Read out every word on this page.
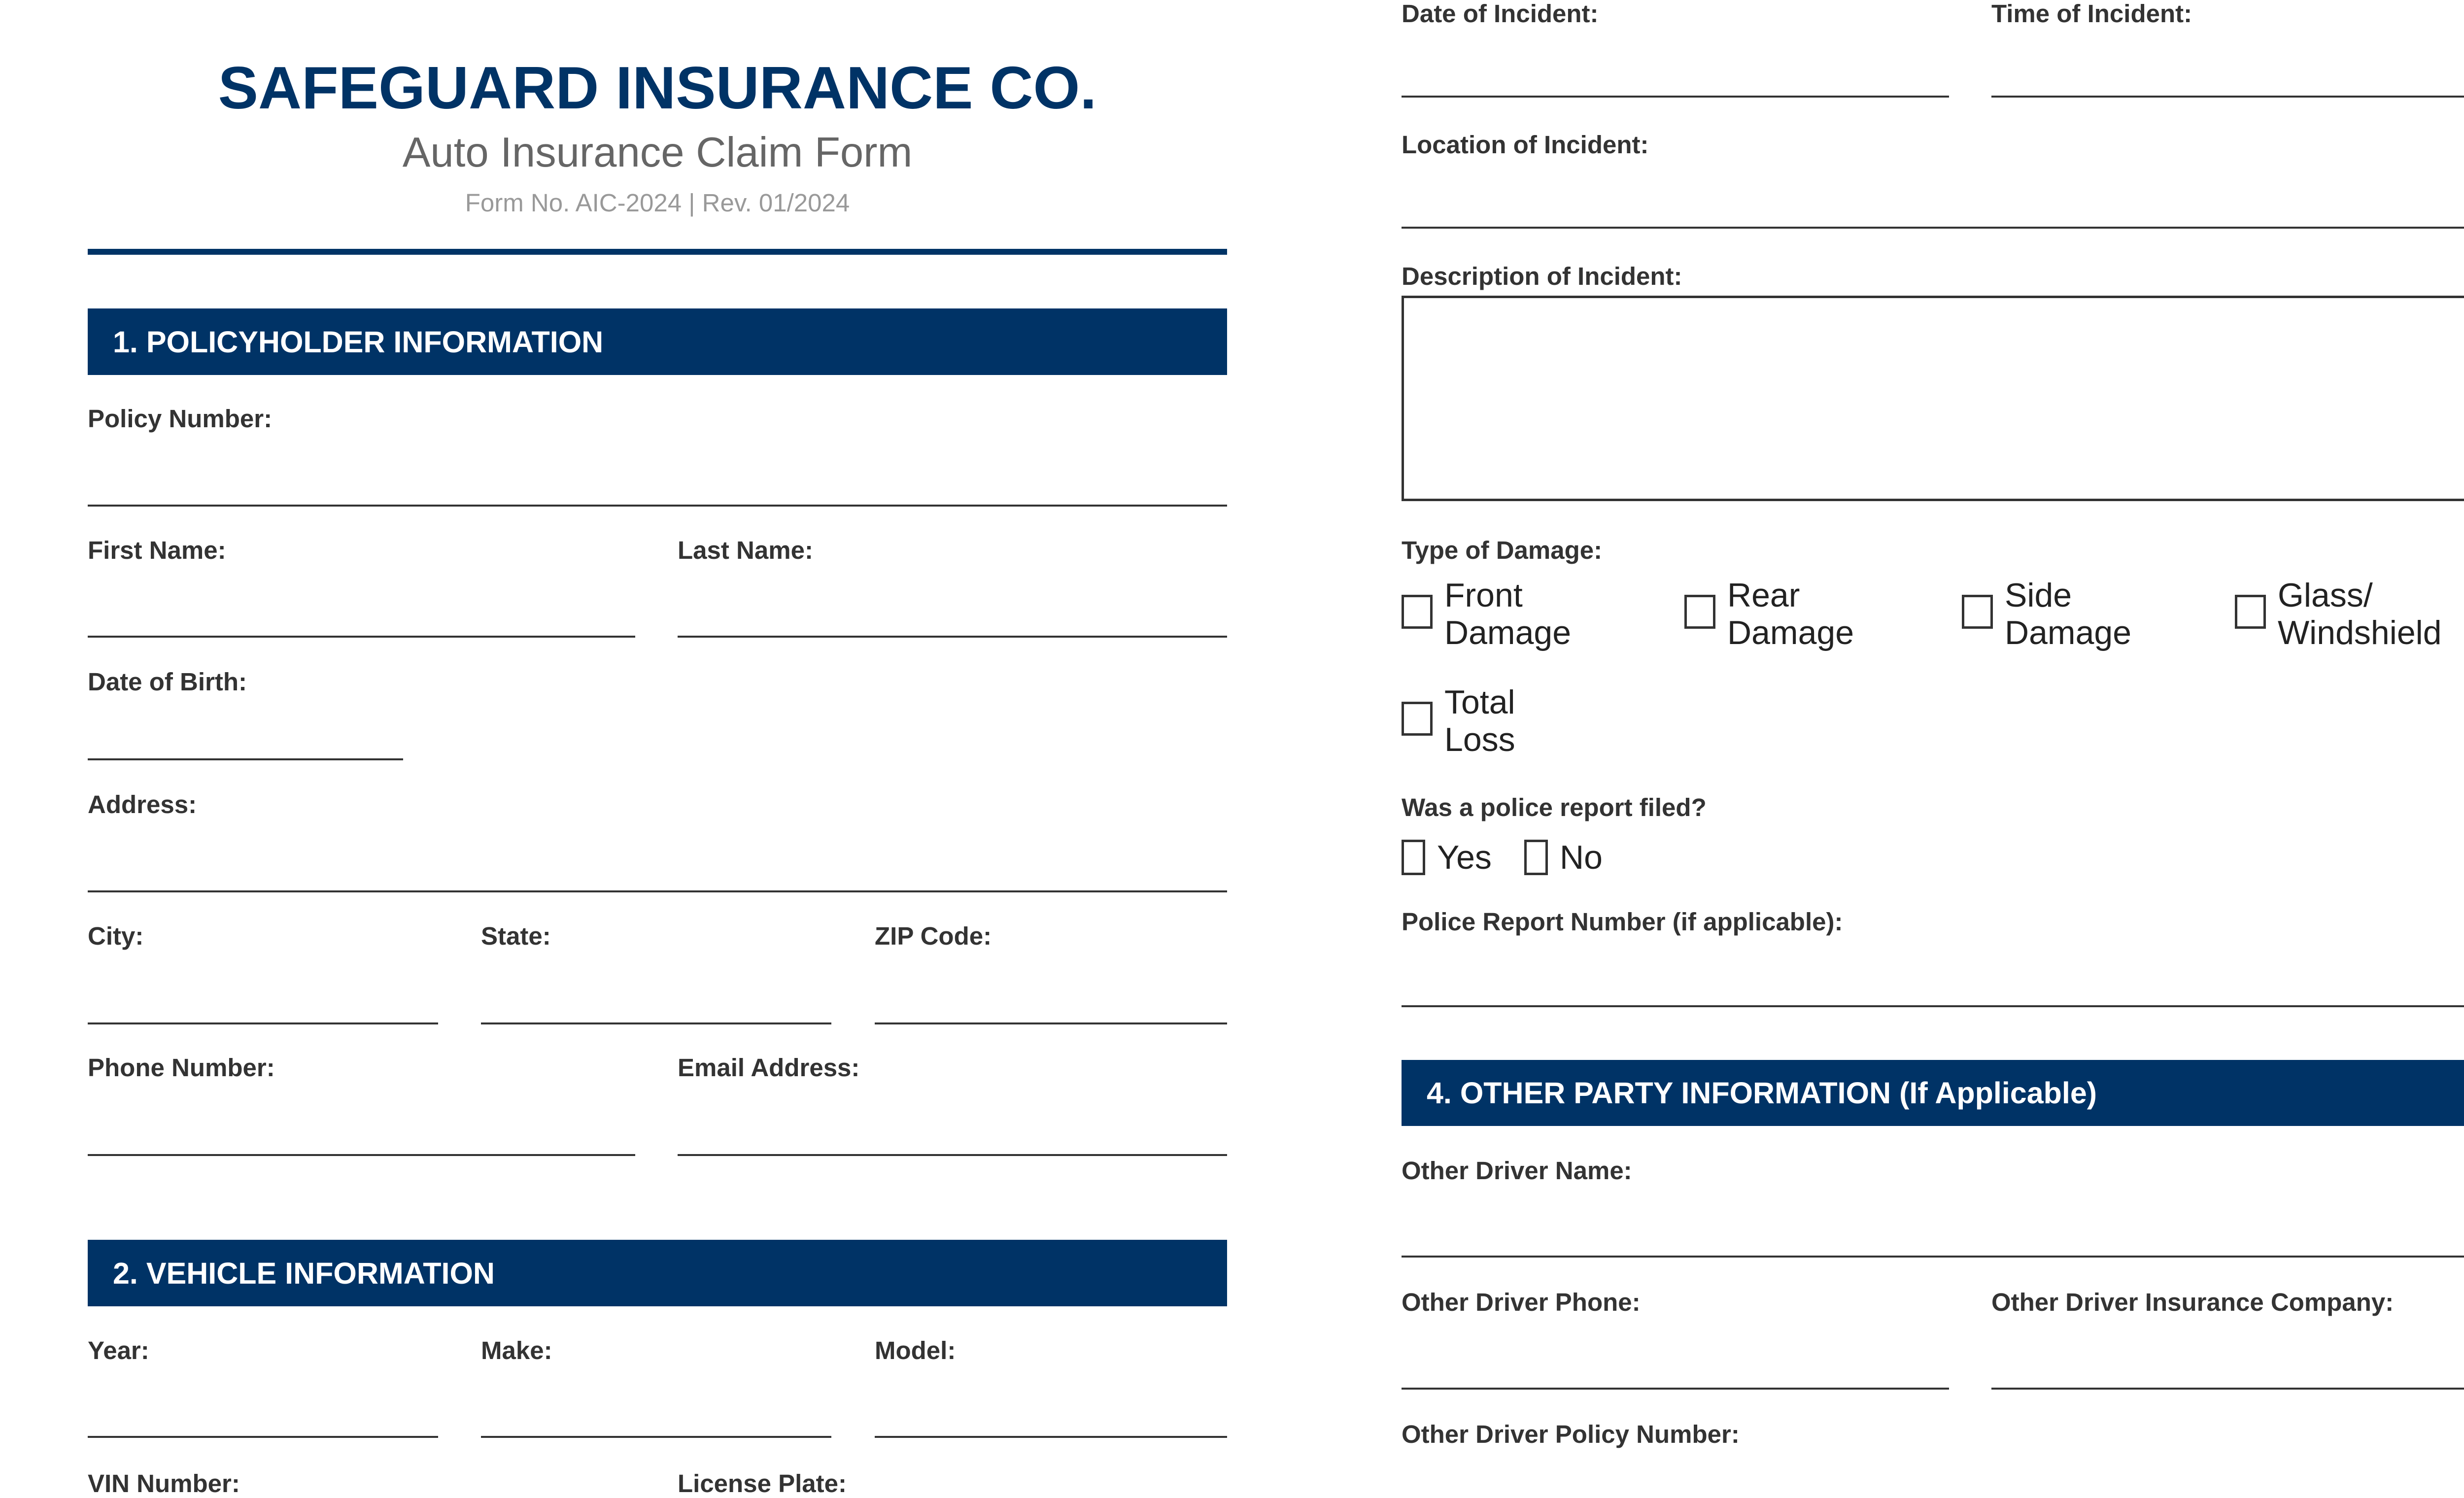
SAFEGUARD INSURANCE CO.
Auto Insurance Claim Form
Form No. AIC-2024 | Rev. 01/2024
1. POLICYHOLDER INFORMATION
Policy Number:
First Name:	Last Name:
Date of Birth:
Address:
City:	State:	ZIP Code:
Phone Number:	Email Address:
2. VEHICLE INFORMATION
Year:	Make:	Model:
VIN Number:	License Plate:
Date of Incident:	Time of Incident:
Location of Incident:
Description of Incident:
Type of Damage:
Front
Damage
Rear
Damage
Side
Damage
Glass/
Windshield
Total
Loss
Was a police report filed?
Yes No
Police Report Number (if applicable):
4. OTHER PARTY INFORMATION (If Applicable)
Other Driver Name:
Other Driver Phone:	Other Driver Insurance Company:
Other Driver Policy Number:
